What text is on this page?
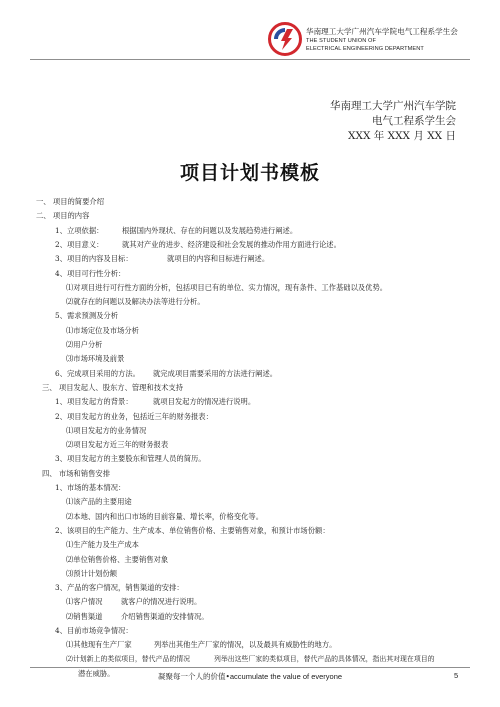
华南理工大学广州汽车学院电气工程系学生会
THE STUDENT UNION OF
ELECTRICAL ENGINEERING DEPARTMENT
华南理工大学广州汽车学院
电气工程系学生会
XXX 年 XXX 月 XX 日
项目计划书模板
一、 项目的简要介绍
二、 项目的内容
1、立项依据：	根据国内外现状、存在的问题以及发展趋势进行阐述。
2、项目意义：	就其对产业的进步、经济建设和社会发展的推动作用方面进行论述。
3、项目的内容及目标：	就项目的内容和目标进行阐述。
4、项目可行性分析：
⑴对项目进行可行性方面的分析，包括项目已有的单位、实力情况，现有条件、工作基础以及优势。
⑵就存在的问题以及解决办法等进行分析。
5、需求预测及分析
⑴市场定位及市场分析
⑵用户分析
⑶市场环境及前景
6、完成项目采用的方法。 就完成项目需要采用的方法进行阐述。
三、 项目发起人、股东方、管理和技术支持
1、项目发起方的背景：	就项目发起方的情况进行说明。
2、项目发起方的业务，包括近三年的财务报表：
⑴项目发起方的业务情况
⑵项目发起方近三年的财务报表
3、项目发起方的主要股东和管理人员的简历。
四、 市场和销售安排
1、市场的基本情况：
⑴该产品的主要用途
⑵本地、国内和出口市场的目前容量、增长率，价格变化等。
2、该项目的生产能力、生产成本、单位销售价格、主要销售对象，和预计市场份额：
⑴生产能力及生产成本
⑵单位销售价格、主要销售对象
⑶预计计划份额
3、产品的客户情况，销售渠道的安排：
⑴客户情况	就客户的情况进行说明。
⑵销售渠道	介绍销售渠道的安排情况。
4、目前市场竞争情况：
⑴其他现有生产厂家	列举出其他生产厂家的情况，以及最具有威胁性的地方。
⑵计划新上的类似项目，替代产品的情况	列举出这些厂家的类似项目，替代产品的具体情况，指出其对现在项目的
潜在威胁。	凝聚每一个人的价值•accumulate the value of everyone	5
